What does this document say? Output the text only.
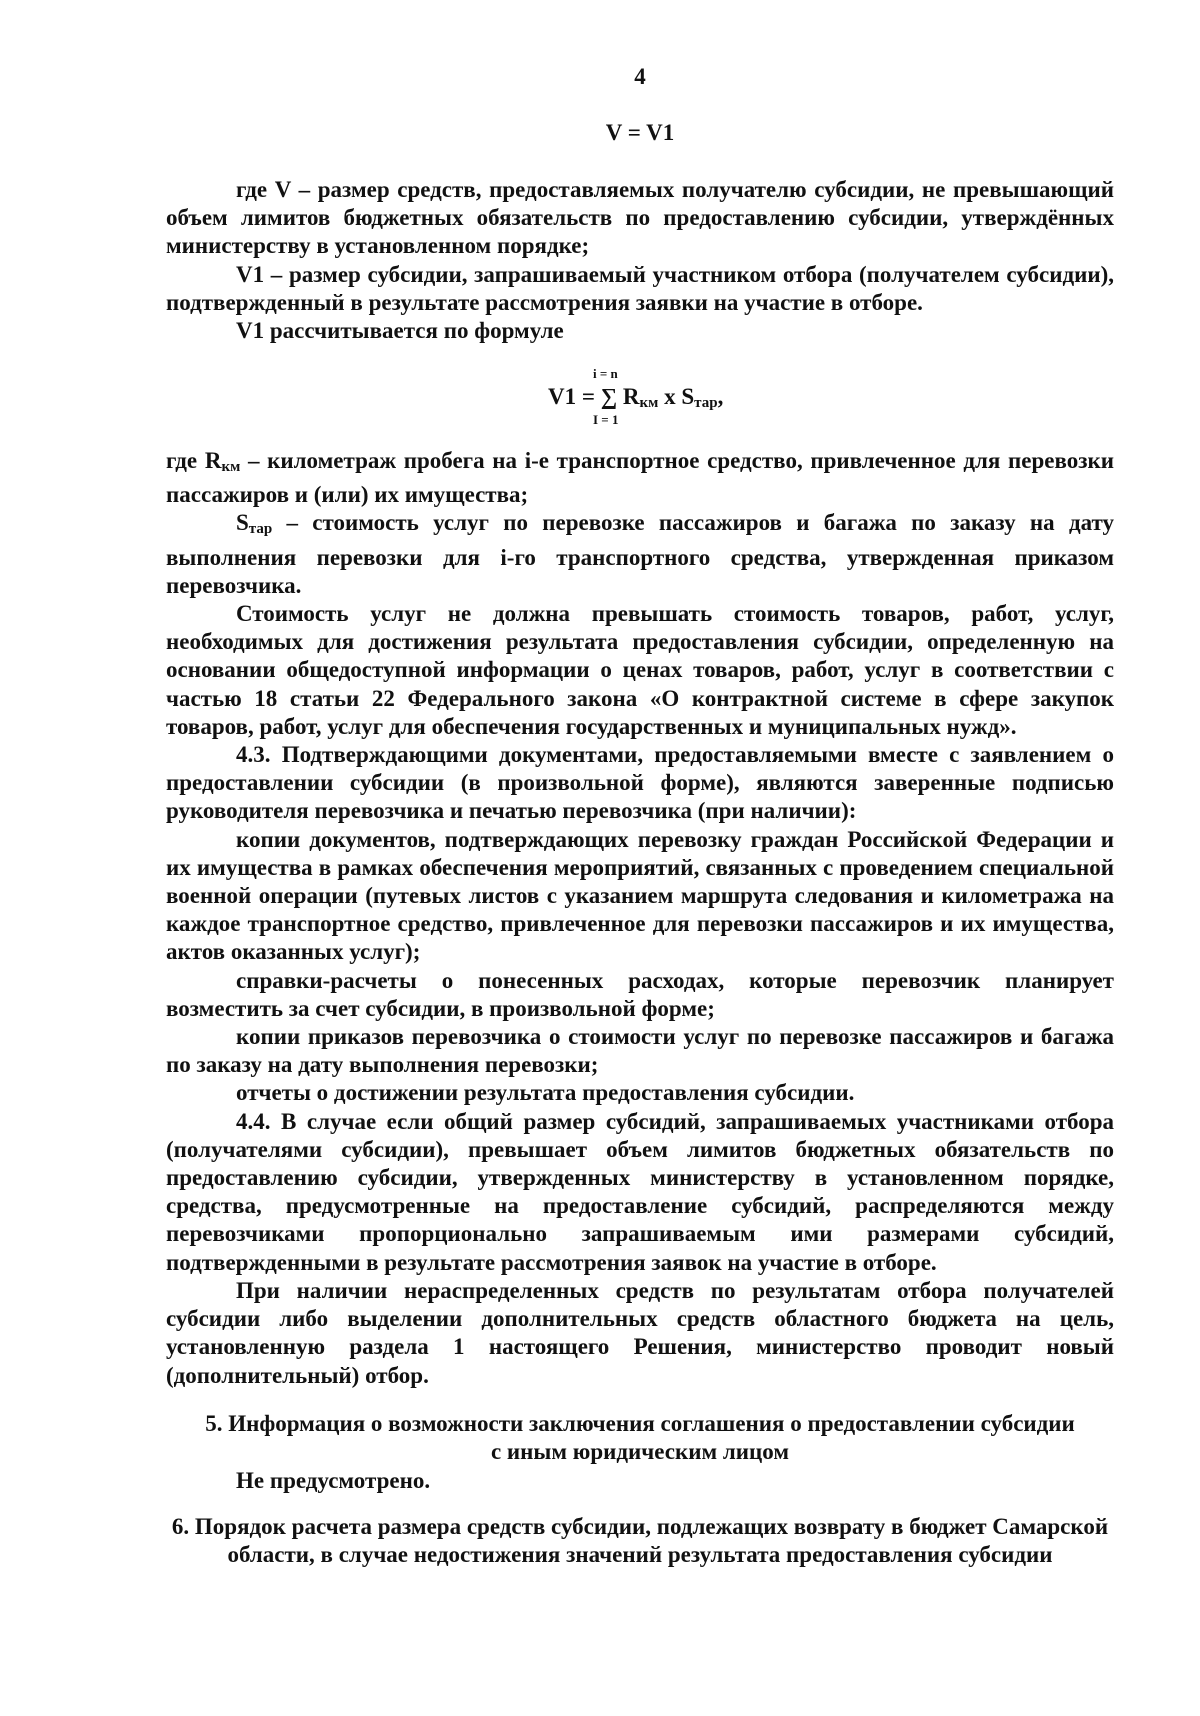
4
V = V1

где V – размер средств, предоставляемых получателю субсидии, не превышающий объем лимитов бюджетных обязательств по предоставлению субсидии, утверждённых министерству в установленном порядке;

V1 – размер субсидии, запрашиваемый участником отбора (получателем субсидии), подтвержденный в результате рассмотрения заявки на участие в отборе.

V1 рассчитывается по формуле

i = n
V1 = ∑ $R_{км}$ x $S_{тар}$,
I = 1

где $R_{км}$ – километраж пробега на i-е транспортное средство, привлеченное для перевозки пассажиров и (или) их имущества;

$S_{тар}$ – стоимость услуг по перевозке пассажиров и багажа по заказу на дату выполнения перевозки для i-го транспортного средства, утвержденная приказом перевозчика.

Стоимость услуг не должна превышать стоимость товаров, работ, услуг, необходимых для достижения результата предоставления субсидии, определенную на основании общедоступной информации о ценах товаров, работ, услуг в соответствии с частью 18 статьи 22 Федерального закона «О контрактной системе в сфере закупок товаров, работ, услуг для обеспечения государственных и муниципальных нужд».

4.3. Подтверждающими документами, предоставляемыми вместе с заявлением о предоставлении субсидии (в произвольной форме), являются заверенные подписью руководителя перевозчика и печатью перевозчика (при наличии):

копии документов, подтверждающих перевозку граждан Российской Федерации и их имущества в рамках обеспечения мероприятий, связанных с проведением специальной военной операции (путевых листов с указанием маршрута следования и километража на каждое транспортное средство, привлеченное для перевозки пассажиров и их имущества, актов оказанных услуг);

справки-расчеты о понесенных расходах, которые перевозчик планирует возместить за счет субсидии, в произвольной форме;

копии приказов перевозчика о стоимости услуг по перевозке пассажиров и багажа по заказу на дату выполнения перевозки;

отчеты о достижении результата предоставления субсидии.

4.4. В случае если общий размер субсидий, запрашиваемых участниками отбора (получателями субсидии), превышает объем лимитов бюджетных обязательств по предоставлению субсидии, утвержденных министерству в установленном порядке, средства, предусмотренные на предоставление субсидий, распределяются между перевозчиками пропорционально запрашиваемым ими размерами субсидий, подтвержденными в результате рассмотрения заявок на участие в отборе.

При наличии нераспределенных средств по результатам отбора получателей субсидии либо выделении дополнительных средств областного бюджета на цель, установленную раздела 1 настоящего Решения, министерство проводит новый (дополнительный) отбор.

5. Информация о возможности заключения соглашения о предоставлении субсидии
с иным юридическим лицом
Не предусмотрено.
6. Порядок расчета размера средств субсидии, подлежащих возврату в бюджет Самарской
области, в случае недостижения значений результата предоставления субсидии
